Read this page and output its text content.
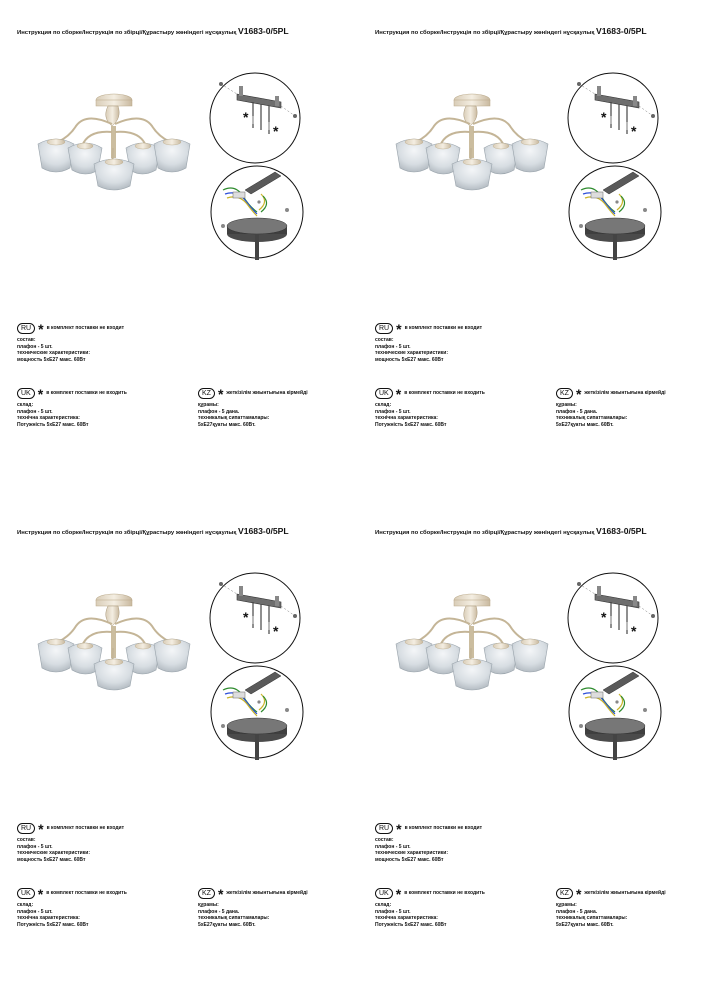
Инструкция по сборке/Інструкція по збірці/Құрастыру жөніндегі нұсқаулық V1683-0/5PL
*
*
RU * в комплект поставки не входит
состав:
плафон - 5 шт.
технические характеристики:
мощность 5хЕ27 макс. 60Вт
UK * в комплект поставки не входить
склад:
плафон - 5 шт.
технічна характеристика:
Потужність 5хЕ27 макс. 60Вт
KZ * жеткізілім жиынтығына кірмейді
құрамы:
плафон - 5 дана.
техникалық сипаттамалары:
5хЕ27қуаты макс. 60Вт.
Инструкция по сборке/Інструкція по збірці/Құрастыру жөніндегі нұсқаулық V1683-0/5PL
*
*
RU * в комплект поставки не входит
состав:
плафон - 5 шт.
технические характеристики:
мощность 5хЕ27 макс. 60Вт
UK * в комплект поставки не входить
склад:
плафон - 5 шт.
технічна характеристика:
Потужність 5хЕ27 макс. 60Вт
KZ * жеткізілім жиынтығына кірмейді
құрамы:
плафон - 5 дана.
техникалық сипаттамалары:
5хЕ27қуаты макс. 60Вт.
Инструкция по сборке/Інструкція по збірці/Құрастыру жөніндегі нұсқаулық V1683-0/5PL
*
*
RU * в комплект поставки не входит
состав:
плафон - 5 шт.
технические характеристики:
мощность 5хЕ27 макс. 60Вт
UK * в комплект поставки не входить
склад:
плафон - 5 шт.
технічна характеристика:
Потужність 5хЕ27 макс. 60Вт
KZ * жеткізілім жиынтығына кірмейді
құрамы:
плафон - 5 дана.
техникалық сипаттамалары:
5хЕ27қуаты макс. 60Вт.
Инструкция по сборке/Інструкція по збірці/Құрастыру жөніндегі нұсқаулық V1683-0/5PL
*
*
RU * в комплект поставки не входит
состав:
плафон - 5 шт.
технические характеристики:
мощность 5хЕ27 макс. 60Вт
UK * в комплект поставки не входить
склад:
плафон - 5 шт.
технічна характеристика:
Потужність 5хЕ27 макс. 60Вт
KZ * жеткізілім жиынтығына кірмейді
құрамы:
плафон - 5 дана.
техникалық сипаттамалары:
5хЕ27қуаты макс. 60Вт.
